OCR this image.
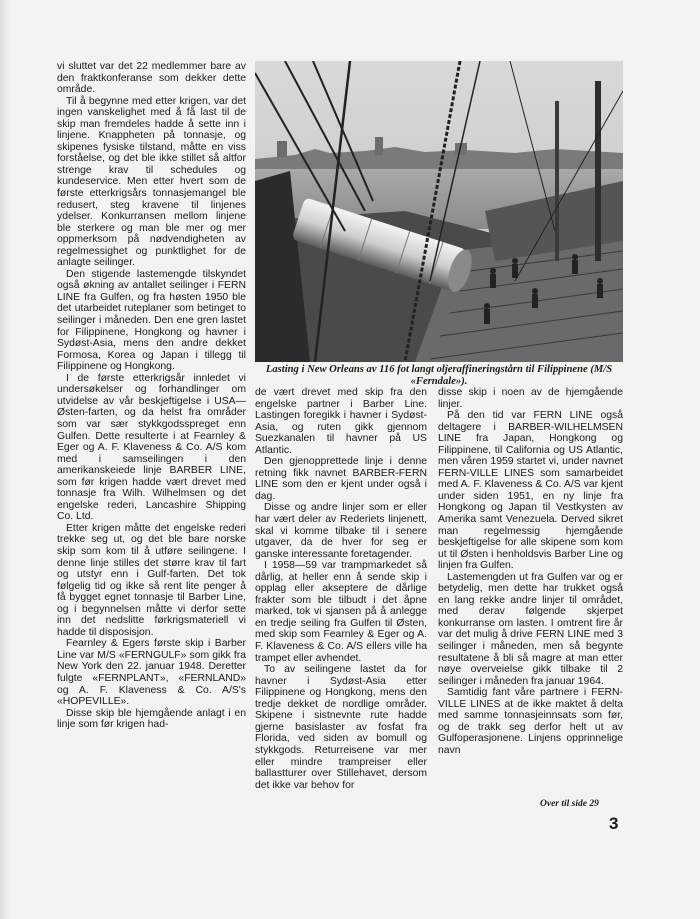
vi sluttet var det 22 medlemmer bare av den fraktkonferanse som dekker dette område.

Til å begynne med etter krigen, var det ingen vanskelighet med å få last til de skip man fremdeles hadde å sette inn i linjene. Knappheten på tonnasje, og skipenes fysiske tilstand, måtte en viss forståelse, og det ble ikke stillet så altfor strenge krav til schedules og kundeservice. Men etter hvert som de første etterkrigsårs tonnasjemangel ble redusert, steg kravene til linjenes ydelser. Konkurransen mellom linjene ble sterkere og man ble mer og mer oppmerksom på nødvendigheten av regelmessighet og punktlighet for de anlagte seilinger.

Den stigende lastemengde tilskyndet også økning av antallet seilinger i FERN LINE fra Gulfen, og fra høsten 1950 ble det utarbeidet ruteplaner som betinget to seilinger i måneden. Den ene gren lastet for Filippinene, Hongkong og havner i Sydøst-Asia, mens den andre dekket Formosa, Korea og Japan i tillegg til Filippinene og Hongkong.

I de første etterkrigsår innledet vi undersøkelser og forhandlinger om utvidelse av vår beskjeftigelse i USA—Østen-farten, og da helst fra områder som var sær stykkgodsspreget enn Gulfen. Dette resulterte i at Fearnley & Eger og A. F. Klaveness & Co. A/S kom med i samseilingen i den amerikanskeiede linje BARBER LINE, som før krigen hadde vært drevet med tonnasje fra Wilh. Wilhelmsen og det engelske rederi, Lancashire Shipping Co. Ltd.

Etter krigen måtte det engelske rederi trekke seg ut, og det ble bare norske skip som kom til å utføre seilingene. I denne linje stilles det større krav til fart og utstyr enn i Gulf-farten. Det tok følgelig tid og ikke så rent lite penger å få bygget egnet tonnasje til Barber Line, og i begynnelsen måtte vi derfor sette inn det nedslitte førkrigsmateriell vi hadde til disposisjon.

Fearnley & Egers første skip i Barber Line var M/S «FERNGULF» som gikk fra New York den 22. januar 1948. Deretter fulgte «FERNPLANT», «FERNLAND» og A. F. Klaveness & Co. A/S's «HOPEVILLE».

Disse skip ble hjemgående anlagt i en linje som før krigen had-

Lasting i New Orleans av 116 fot langt oljeraffineringstårn til Filippinene (M/S «Ferndale»).

de vært drevet med skip fra den engelske partner i Barber Line. Lastingen foregikk i havner i Sydøst-Asia, og ruten gikk gjennom Suezkanalen til havner på US Atlantic.

Den gjenopprettede linje i denne retning fikk navnet BARBER-FERN LINE som den er kjent under også i dag.

Disse og andre linjer som er eller har vært deler av Rederiets linjenett, skal vi komme tilbake til i senere utgaver, da de hver for seg er ganske interessante foretagender.

I 1958—59 var trampmarkedet så dårlig, at heller enn å sende skip i opplag eller akseptere de dårlige frakter som ble tilbudt i det åpne marked, tok vi sjansen på å anlegge en tredje seiling fra Gulfen til Østen, med skip som Fearnley & Eger og A. F. Klaveness & Co. A/S ellers ville ha trampet eller avhendet.

To av seilingene lastet da for havner i Sydøst-Asia etter Filippinene og Hongkong, mens den tredje dekket de nordlige områder. Skipene i sistnevnte rute hadde gjerne basislaster av fosfat fra Florida, ved siden av bomull og stykkgods. Returreisene var mer eller mindre trampreiser eller ballastturer over Stillehavet, dersom det ikke var behov for

disse skip i noen av de hjemgående linjer.

På den tid var FERN LINE også deltagere i BARBER-WILHELMSEN LINE fra Japan, Hongkong og Filippinene, til California og US Atlantic, men våren 1959 startet vi, under navnet FERN-VILLE LINES som samarbeidet med A. F. Klaveness & Co. A/S var kjent under siden 1951, en ny linje fra Hongkong og Japan til Vestkysten av Amerika samt Venezuela. Derved sikret man regelmessig hjemgående beskjeftigelse for alle skipene som kom ut til Østen i henholdsvis Barber Line og linjen fra Gulfen.

Lastemengden ut fra Gulfen var og er betydelig, men dette har trukket også en lang rekke andre linjer til området, med derav følgende skjerpet konkurranse om lasten. I omtrent fire år var det mulig å drive FERN LINE med 3 seilinger i måneden, men så begynte resultatene å bli så magre at man etter nøye overveielse gikk tilbake til 2 seilinger i måneden fra januar 1964.

Samtidig fant våre partnere i FERN-VILLE LINES at de ikke maktet å delta med samme tonnasjeinnsats som før, og de trakk seg derfor helt ut av Gulfoperasjonene. Linjens opprinnelige navn

Over til side 29
3
